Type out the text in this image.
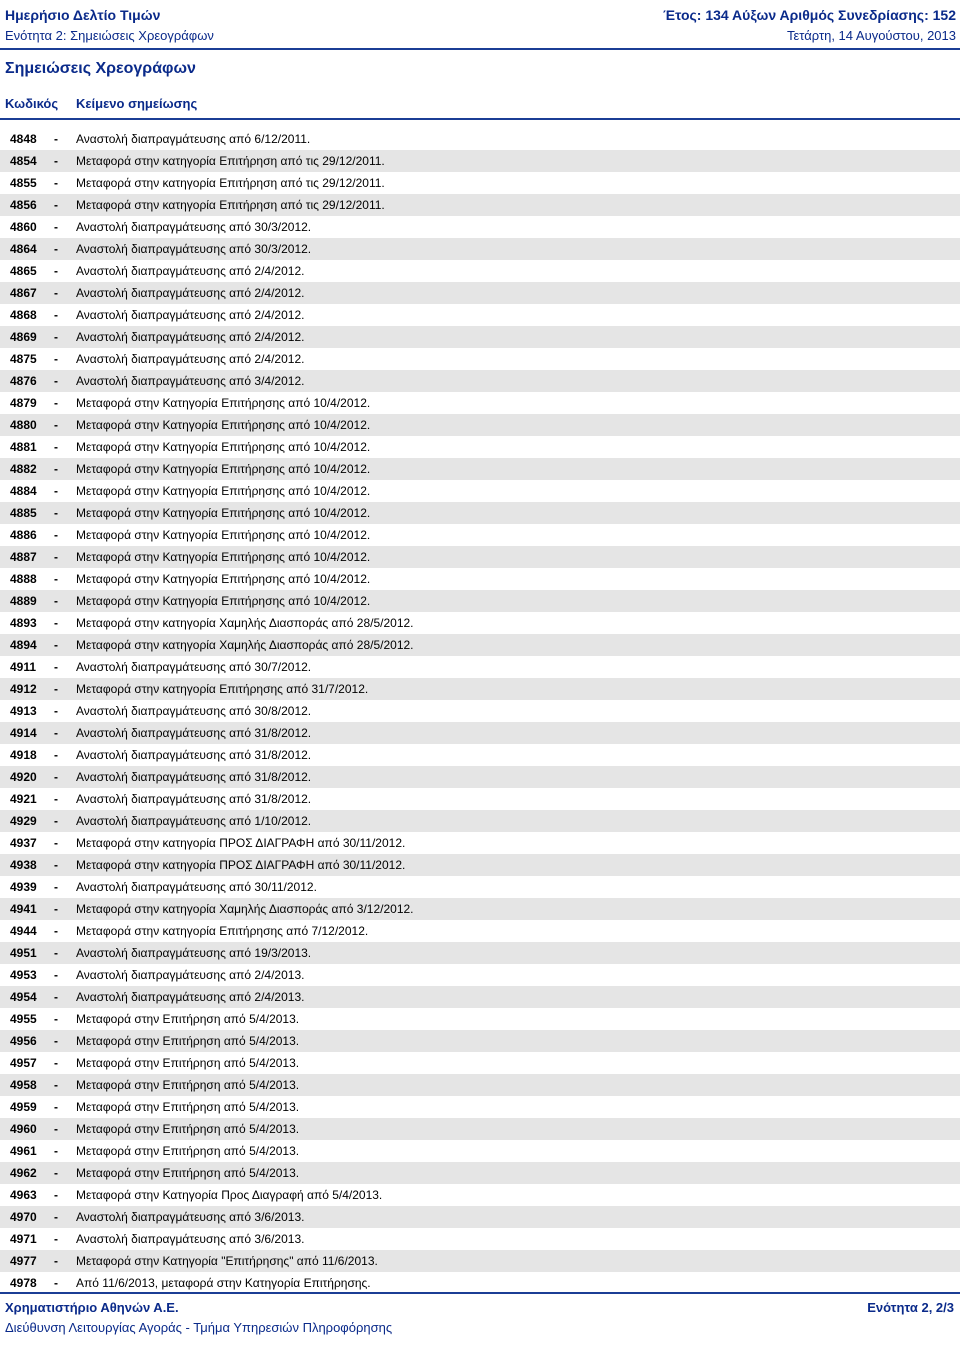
Ημερήσιο Δελτίο Τιμών
Ενότητα 2: Σημειώσεις Χρεογράφων
Έτος: 134 Αύξων Αριθμός Συνεδρίασης: 152
Τετάρτη, 14 Αυγούστου, 2013
Σημειώσεις Χρεογράφων
Κωδικός Κείμενο σημείωσης
4848 - Αναστολή διαπραγμάτευσης από 6/12/2011.
4854 - Μεταφορά στην κατηγορία Επιτήρηση από τις 29/12/2011.
4855 - Μεταφορά στην κατηγορία Επιτήρηση από τις 29/12/2011.
4856 - Μεταφορά στην κατηγορία Επιτήρηση από τις 29/12/2011.
4860 - Αναστολή διαπραγμάτευσης από 30/3/2012.
4864 - Αναστολή διαπραγμάτευσης από 30/3/2012.
4865 - Αναστολή διαπραγμάτευσης από 2/4/2012.
4867 - Αναστολή διαπραγμάτευσης από 2/4/2012.
4868 - Αναστολή διαπραγμάτευσης από 2/4/2012.
4869 - Αναστολή διαπραγμάτευσης από 2/4/2012.
4875 - Αναστολή διαπραγμάτευσης από 2/4/2012.
4876 - Αναστολή διαπραγμάτευσης από 3/4/2012.
4879 - Μεταφορά στην Κατηγορία Επιτήρησης από 10/4/2012.
4880 - Μεταφορά στην Κατηγορία Επιτήρησης από 10/4/2012.
4881 - Μεταφορά στην Κατηγορία Επιτήρησης από 10/4/2012.
4882 - Μεταφορά στην Κατηγορία Επιτήρησης από 10/4/2012.
4884 - Μεταφορά στην Κατηγορία Επιτήρησης από 10/4/2012.
4885 - Μεταφορά στην Κατηγορία Επιτήρησης από 10/4/2012.
4886 - Μεταφορά στην Κατηγορία Επιτήρησης από 10/4/2012.
4887 - Μεταφορά στην Κατηγορία Επιτήρησης από 10/4/2012.
4888 - Μεταφορά στην Κατηγορία Επιτήρησης από 10/4/2012.
4889 - Μεταφορά στην Κατηγορία Επιτήρησης από 10/4/2012.
4893 - Μεταφορά στην κατηγορία Χαμηλής Διασποράς από 28/5/2012.
4894 - Μεταφορά στην κατηγορία Χαμηλής Διασποράς από 28/5/2012.
4911 - Αναστολή διαπραγμάτευσης από 30/7/2012.
4912 - Μεταφορά στην κατηγορία Επιτήρησης από 31/7/2012.
4913 - Αναστολή διαπραγμάτευσης από 30/8/2012.
4914 - Αναστολή διαπραγμάτευσης από 31/8/2012.
4918 - Αναστολή διαπραγμάτευσης από 31/8/2012.
4920 - Αναστολή διαπραγμάτευσης από 31/8/2012.
4921 - Αναστολή διαπραγμάτευσης από 31/8/2012.
4929 - Αναστολή διαπραγμάτευσης από 1/10/2012.
4937 - Μεταφορά στην κατηγορία ΠΡΟΣ ΔΙΑΓΡΑΦΗ από 30/11/2012.
4938 - Μεταφορά στην κατηγορία ΠΡΟΣ ΔΙΑΓΡΑΦΗ από 30/11/2012.
4939 - Αναστολή διαπραγμάτευσης από 30/11/2012.
4941 - Μεταφορά στην κατηγορία Χαμηλής Διασποράς από 3/12/2012.
4944 - Μεταφορά στην κατηγορία Επιτήρησης από 7/12/2012.
4951 - Αναστολή διαπραγμάτευσης από 19/3/2013.
4953 - Αναστολή διαπραγμάτευσης από 2/4/2013.
4954 - Αναστολή διαπραγμάτευσης από 2/4/2013.
4955 - Μεταφορά στην Επιτήρηση από 5/4/2013.
4956 - Μεταφορά στην Επιτήρηση από 5/4/2013.
4957 - Μεταφορά στην Επιτήρηση από 5/4/2013.
4958 - Μεταφορά στην Επιτήρηση από 5/4/2013.
4959 - Μεταφορά στην Επιτήρηση από 5/4/2013.
4960 - Μεταφορά στην Επιτήρηση από 5/4/2013.
4961 - Μεταφορά στην Επιτήρηση από 5/4/2013.
4962 - Μεταφορά στην Επιτήρηση από 5/4/2013.
4963 - Μεταφορά στην Κατηγορία Προς Διαγραφή από 5/4/2013.
4970 - Αναστολή διαπραγμάτευσης από 3/6/2013.
4971 - Αναστολή διαπραγμάτευσης από 3/6/2013.
4977 - Μεταφορά στην Κατηγορία "Επιτήρησης" από 11/6/2013.
4978 - Από 11/6/2013, μεταφορά στην Κατηγορία Επιτήρησης.
Χρηματιστήριο Αθηνών Α.Ε.
Διεύθυνση Λειτουργίας Αγοράς - Τμήμα Υπηρεσιών Πληροφόρησης
Ενότητα 2, 2/3
